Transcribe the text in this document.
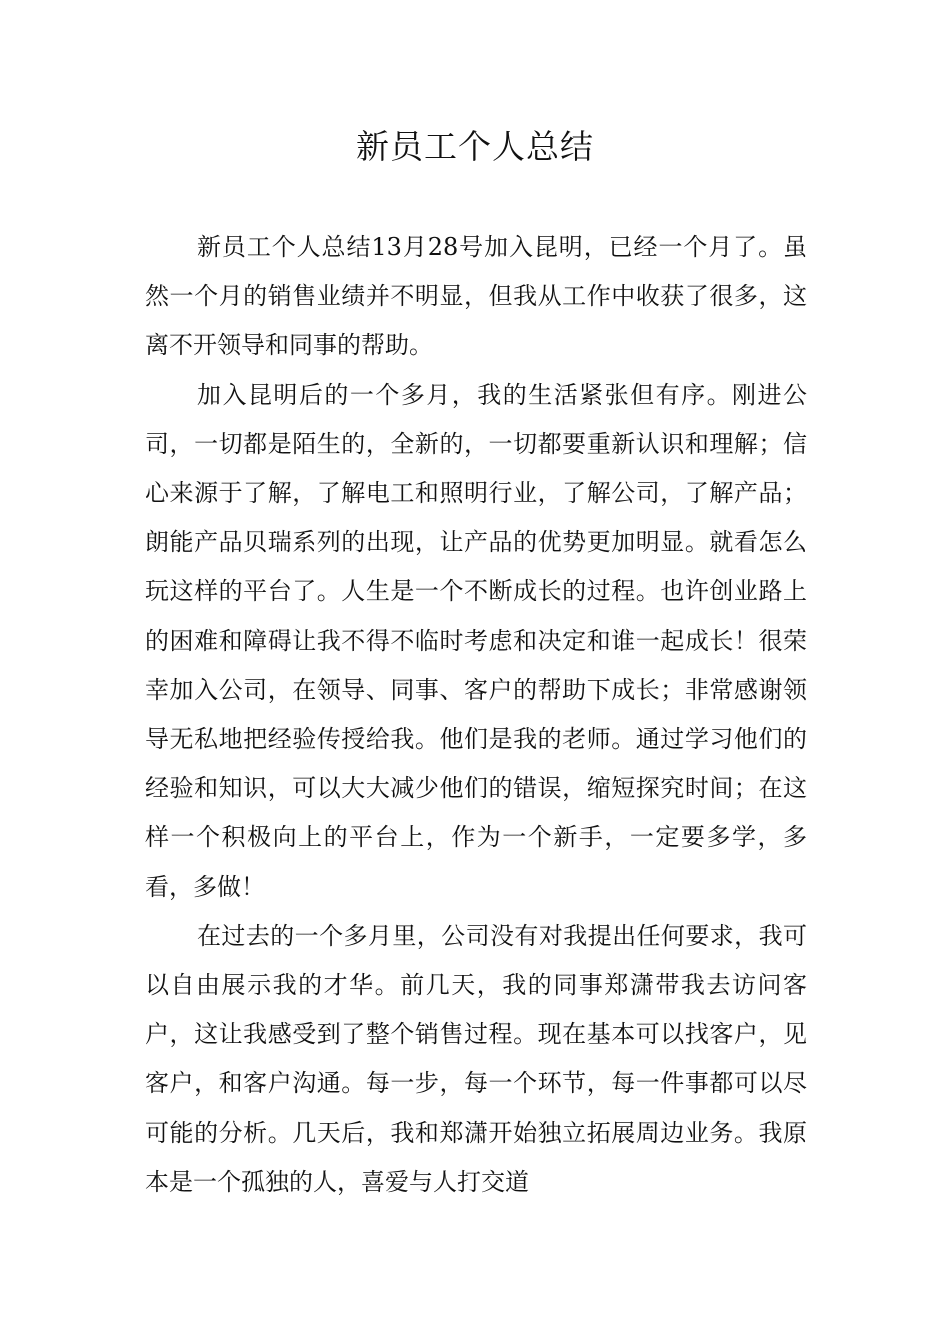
新员工个人总结

新员工个人总结13月28号加入昆明，已经一个月了。虽然一个月的销售业绩并不明显，但我从工作中收获了很多，这离不开领导和同事的帮助。

加入昆明后的一个多月，我的生活紧张但有序。刚进公司，一切都是陌生的，全新的，一切都要重新认识和理解；信心来源于了解，了解电工和照明行业，了解公司，了解产品；朗能产品贝瑞系列的出现，让产品的优势更加明显。就看怎么玩这样的平台了。人生是一个不断成长的过程。也许创业路上的困难和障碍让我不得不临时考虑和决定和谁一起成长！很荣幸加入公司，在领导、同事、客户的帮助下成长；非常感谢领导无私地把经验传授给我。他们是我的老师。通过学习他们的经验和知识，可以大大减少他们的错误，缩短探究时间；在这样一个积极向上的平台上，作为一个新手，一定要多学，多看，多做！

在过去的一个多月里，公司没有对我提出任何要求，我可以自由展示我的才华。前几天，我的同事郑潇带我去访问客户，这让我感受到了整个销售过程。现在基本可以找客户，见客户，和客户沟通。每一步，每一个环节，每一件事都可以尽可能的分析。几天后，我和郑潇开始独立拓展周边业务。我原本是一个孤独的人，喜爱与人打交道
